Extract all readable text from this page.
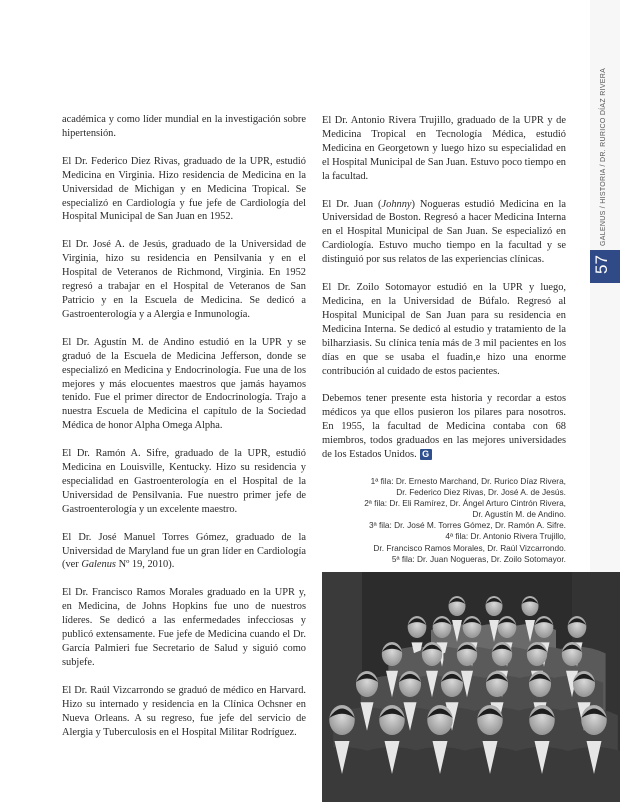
académica y como líder mundial en la investigación sobre hipertensión.

El Dr. Federico Diez Rivas, graduado de la UPR, estudió Medicina en Virginia. Hizo residencia de Medicina en la Universidad de Michigan y en Medicina Tropical. Se especializó en Cardiología y fue jefe de Cardiología del Hospital Municipal de San Juan en 1952.

El Dr. José A. de Jesús, graduado de la Universidad de Virginia, hizo su residencia en Pensilvania y en el Hospital de Veteranos de Richmond, Virginia. En 1952 regresó a trabajar en el Hospital de Veteranos de San Patricio y en la Escuela de Medicina. Se dedicó a Gastroenterología y a Alergia e Inmunología.

El Dr. Agustín M. de Andino estudió en la UPR y se graduó de la Escuela de Medicina Jefferson, donde se especializó en Medicina y Endocrinología. Fue una de los mejores y más elocuentes maestros que jamás hayamos tenido. Fue el primer director de Endocrinología. Trajo a nuestra Escuela de Medicina el capítulo de la Sociedad Médica de honor Alpha Omega Alpha.

El Dr. Ramón A. Sifre, graduado de la UPR, estudió Medicina en Louisville, Kentucky. Hizo su residencia y especialidad en Gastroenterología en el Hospital de la Universidad de Pensilvania. Fue nuestro primer jefe de Gastroenterología y un excelente maestro.

El Dr. José Manuel Torres Gómez, graduado de la Universidad de Maryland fue un gran líder en Cardiología (ver Galenus Nº 19, 2010).

El Dr. Francisco Ramos Morales graduado en la UPR y, en Medicina, de Johns Hopkins fue uno de nuestros líderes. Se dedicó a las enfermedades infecciosas y publicó extensamente. Fue jefe de Medicina cuando el Dr. García Palmieri fue Secretario de Salud y siguió como subjefe.

El Dr. Raúl Vizcarrondo se graduó de médico en Harvard. Hizo su internado y residencia en la Clínica Ochsner en Nueva Orleans. A su regreso, fue jefe del servicio de Alergia y Tuberculosis en el Hospital Militar Rodríguez.

El Dr. Antonio Rivera Trujillo, graduado de la UPR y de Medicina Tropical en Tecnología Médica, estudió Medicina en Georgetown y luego hizo su especialidad en el Hospital Municipal de San Juan. Estuvo poco tiempo en la facultad.

El Dr. Juan (Johnny) Nogueras estudió Medicina en la Universidad de Boston. Regresó a hacer Medicina Interna en el Hospital Municipal de San Juan. Se especializó en Cardiología. Estuvo mucho tiempo en la facultad y se distinguió por sus relatos de las experiencias clínicas.

El Dr. Zoilo Sotomayor estudió en la UPR y luego, Medicina, en la Universidad de Búfalo. Regresó al Hospital Municipal de San Juan para su residencia en Medicina Interna. Se dedicó al estudio y tratamiento de la bilharziasis. Su clínica tenía más de 3 mil pacientes en los días en que se usaba el fuadin,e hizo una enorme contribución al cuidado de estos pacientes.

Debemos tener presente esta historia y recordar a estos médicos ya que ellos pusieron los pilares para nosotros. En 1955, la facultad de Medicina contaba con 68 miembros, todos graduados en las mejores universidades de los Estados Unidos. G

1ª fila: Dr. Ernesto Marchand, Dr. Rurico Díaz Rivera,
Dr. Federico Diez Rivas, Dr. José A. de Jesús.
2ª fila: Dr. Eli Ramírez, Dr. Ángel Arturo Cintrón Rivera,
Dr. Agustín M. de Andino.
3ª fila: Dr. José M. Torres Gómez, Dr. Ramón A. Sifre.
4ª fila: Dr. Antonio Rivera Trujillo,
Dr. Francisco Ramos Morales, Dr. Raúl Vizcarrondo.
5ª fila: Dr. Juan Nogueras, Dr. Zoilo Sotomayor.
GALENUS / HISTORIA / DR. RURICO DÍAZ RIVERA
57
